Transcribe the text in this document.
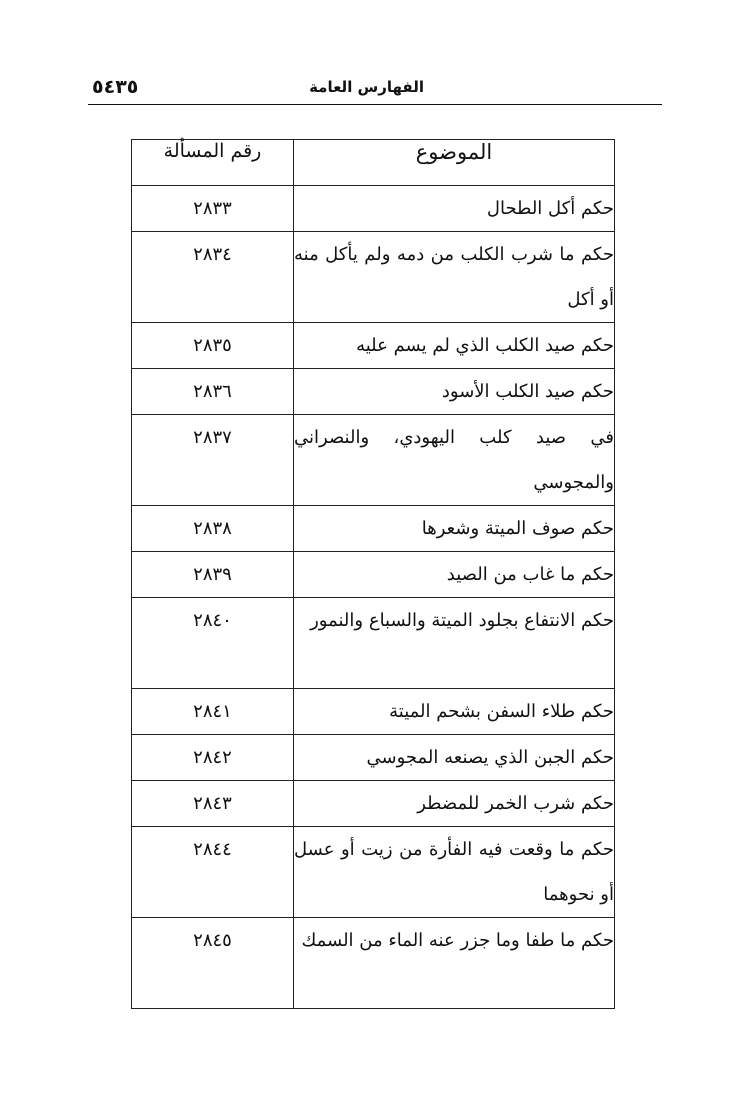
الفهارس العامة
٥٤٣٥
الموضوع	رقم المسألة
حكم أكل الطحال	٢٨٣٣
حكم ما شرب الكلب من دمه ولم يأكل منه أو أكل	٢٨٣٤
حكم صيد الكلب الذي لم يسم عليه	٢٨٣٥
حكم صيد الكلب الأسود	٢٨٣٦
في صيد كلب اليهودي، والنصراني والمجوسي	٢٨٣٧
حكم صوف الميتة وشعرها	٢٨٣٨
حكم ما غاب من الصيد	٢٨٣٩
حكم الانتفاع بجلود الميتة والسباع والنمور	٢٨٤٠
حكم طلاء السفن بشحم الميتة	٢٨٤١
حكم الجبن الذي يصنعه المجوسي	٢٨٤٢
حكم شرب الخمر للمضطر	٢٨٤٣
حكم ما وقعت فيه الفأرة من زيت أو عسل أو نحوهما	٢٨٤٤
حكم ما طفا وما جزر عنه الماء من السمك	٢٨٤٥
